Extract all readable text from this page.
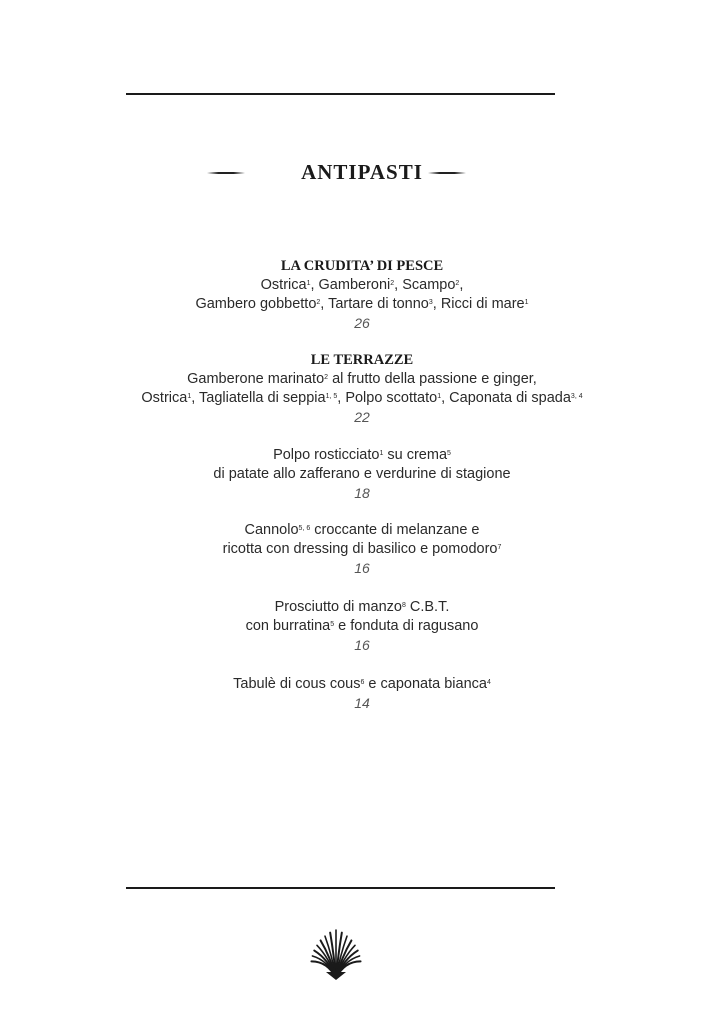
ANTIPASTI
LA CRUDITA’ DI PESCE
Ostrica$^1$, Gamberoni$^2$, Scampo$^2$,
Gambero gobbetto$^2$, Tartare di tonno$^3$, Ricci di mare$^1$
26
LE TERRAZZE
Gamberone marinato$^2$ al frutto della passione e ginger,
Ostrica$^1$, Tagliatella di seppia$^{1, 5}$, Polpo scottato$^1$, Caponata di spada$^{3, 4}$
22
Polpo rosticciato$^1$ su crema$^5$
di patate allo zafferano e verdurine di stagione
18
Cannolo$^{5, 6}$ croccante di melanzane e
ricotta con dressing di basilico e pomodoro$^7$
16
Prosciutto di manzo$^8$ C.B.T.
con burratina$^5$ e fonduta di ragusano
16
Tabulè di cous cous$^6$ e caponata bianca$^4$
14
